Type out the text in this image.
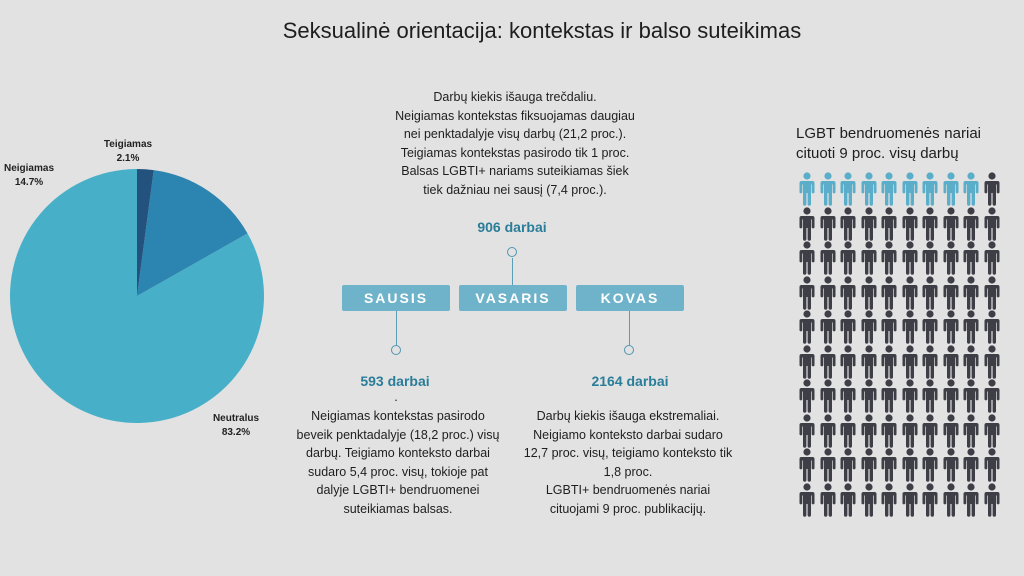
Seksualinė orientacija: kontekstas ir balso suteikimas
Teigiamas
2.1%
Neigiamas
14.7%
Neutralus
83.2%
Darbų kiekis išauga trečdaliu.
Neigiamas kontekstas fiksuojamas daugiau
nei penktadalyje visų darbų (21,2 proc.).
Teigiamas kontekstas pasirodo tik 1 proc.
Balsas LGBTI+ nariams suteikiamas šiek
tiek dažniau nei sausį (7,4 proc.).
906 darbai
SAUSIS	VASARIS	KOVAS
593 darbai	2164 darbai
.
Neigiamas kontekstas pasirodo
beveik penktadalyje (18,2 proc.) visų
darbų. Teigiamo konteksto darbai
sudaro 5,4 proc. visų, tokioje pat
dalyje LGBTI+ bendruomenei
suteikiamas balsas.
Darbų kiekis išauga ekstremaliai.
Neigiamo konteksto darbai sudaro
12,7 proc. visų, teigiamo konteksto tik
1,8 proc.
LGBTI+ bendruomenės nariai
cituojami 9 proc. publikacijų.
LGBT bendruomenės nariai
cituoti 9 proc. visų darbų
